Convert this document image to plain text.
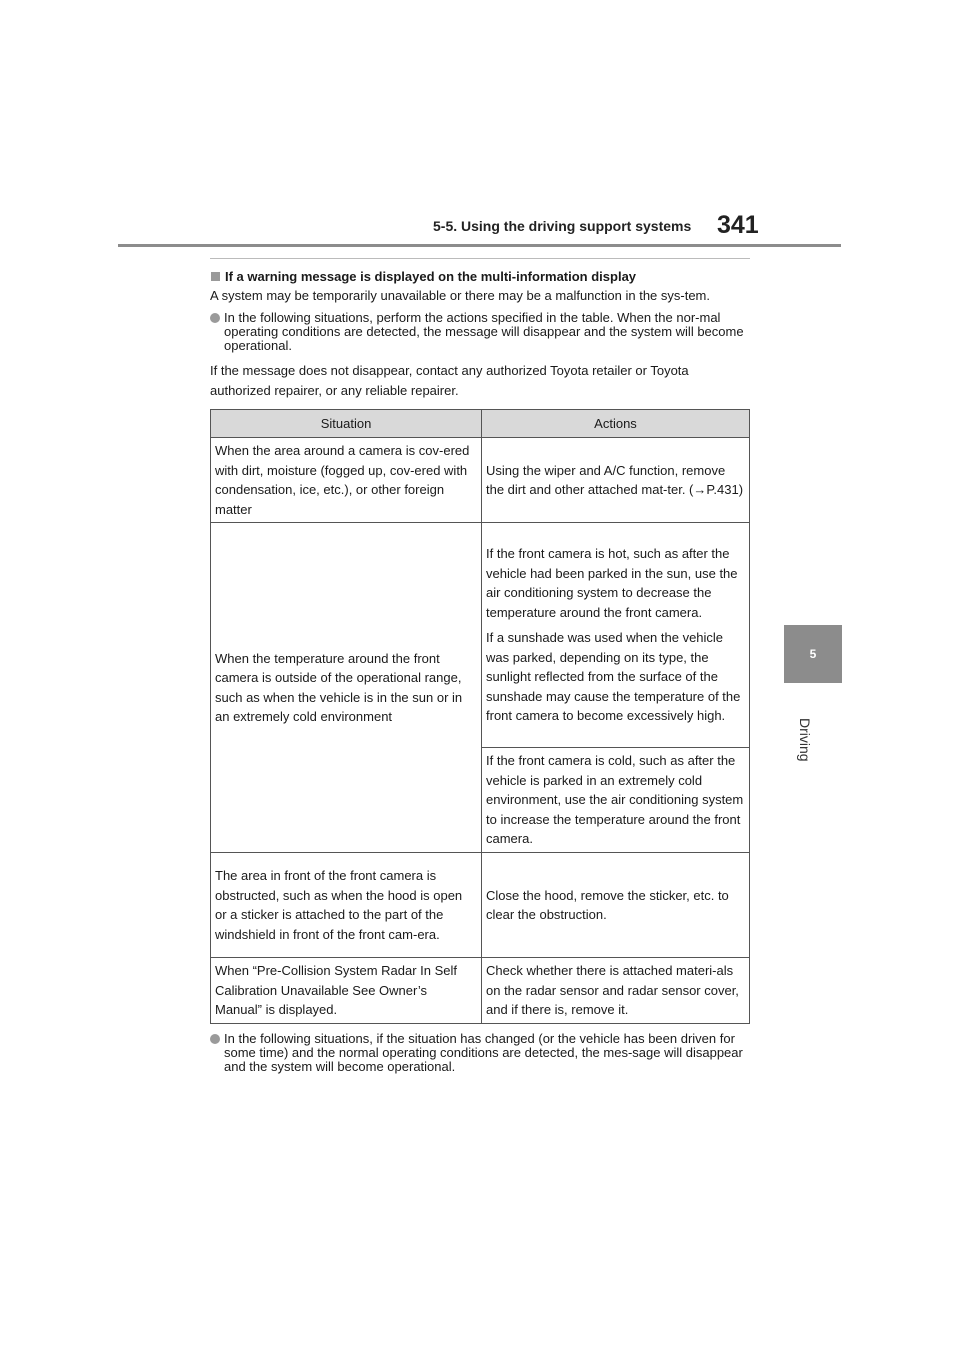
5-5. Using the driving support systems 341
5
Driving
If a warning message is displayed on the multi-information display

A system may be temporarily unavailable or there may be a malfunction in the sys-tem.

In the following situations, perform the actions specified in the table. When the nor-mal operating conditions are detected, the message will disappear and the system will become operational.

If the message does not disappear, contact any authorized Toyota retailer or Toyota authorized repairer, or any reliable repairer.

Situation	Actions
When the area around a camera is cov-ered with dirt, moisture (fogged up, cov-ered with condensation, ice, etc.), or other foreign matter	Using the wiper and A/C function, remove the dirt and other attached mat-ter. (→P.431)
When the temperature around the front camera is outside of the operational range, such as when the vehicle is in the sun or in an extremely cold environment	If the front camera is hot, such as after the vehicle had been parked in the sun, use the air conditioning system to decrease the temperature around the front camera.

If a sunshade was used when the vehicle was parked, depending on its type, the sunlight reflected from the surface of the sunshade may cause the temperature of the front camera to become excessively high.

	If the front camera is cold, such as after the vehicle is parked in an extremely cold environment, use the air conditioning system to increase the temperature around the front camera.
The area in front of the front camera is obstructed, such as when the hood is open or a sticker is attached to the part of the windshield in front of the front cam-era.	Close the hood, remove the sticker, etc. to clear the obstruction.
When “Pre-Collision System Radar In Self Calibration Unavailable See Owner’s Manual” is displayed.	Check whether there is attached materi-als on the radar sensor and radar sensor cover, and if there is, remove it.
In the following situations, if the situation has changed (or the vehicle has been driven for some time) and the normal operating conditions are detected, the mes-sage will disappear and the system will become operational.
